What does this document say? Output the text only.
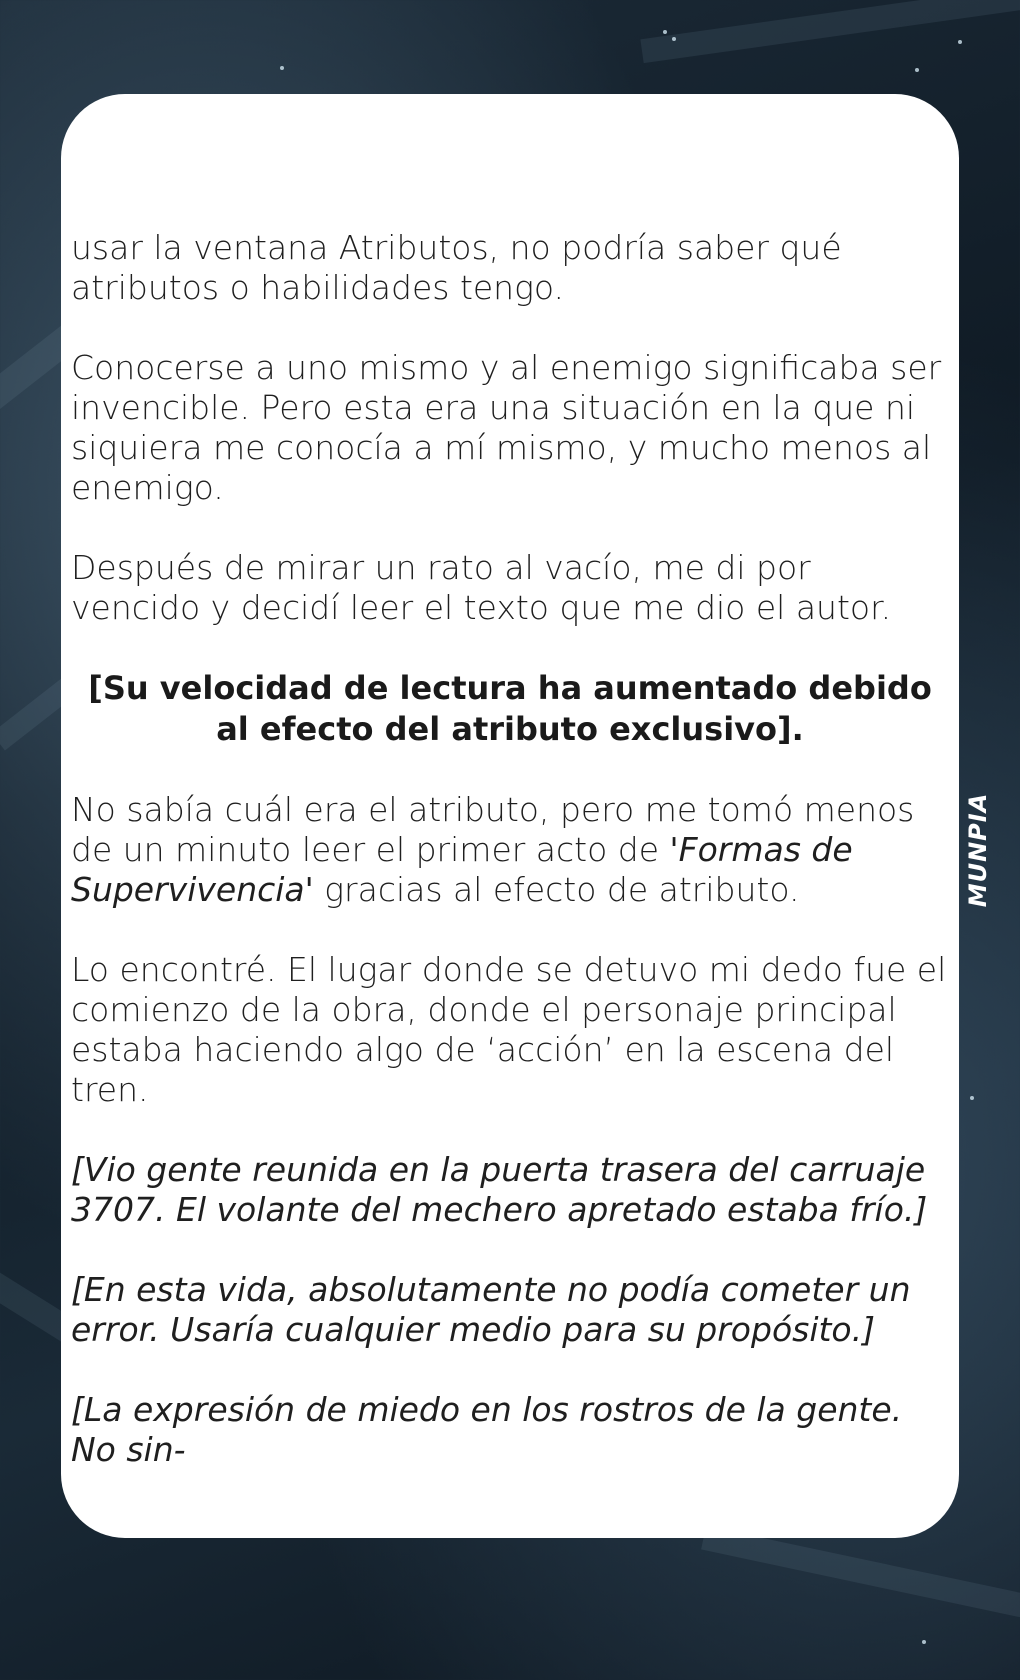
usar la ventana Atributos, no podría saber qué atributos o habilidades tengo.

Conocerse a uno mismo y al enemigo significaba ser invencible. Pero esta era una situación en la que ni siquiera me conocía a mí mismo, y mucho menos al enemigo.

Después de mirar un rato al vacío, me di por vencido y decidí leer el texto que me dio el autor.

[Su velocidad de lectura ha aumentado debido al efecto del atributo exclusivo].

No sabía cuál era el atributo, pero me tomó menos de un minuto leer el primer acto de 'Formas de Supervivencia' gracias al efecto de atributo.

Lo encontré. El lugar donde se detuvo mi dedo fue el comienzo de la obra, donde el personaje principal estaba haciendo algo de ‘acción’ en la escena del tren.

[Vio gente reunida en la puerta trasera del carruaje 3707. El volante del mechero apretado estaba frío.]

[En esta vida, absolutamente no podía cometer un error. Usaría cualquier medio para su propósito.]

[La expresión de miedo en los rostros de la gente. No sin-

MUNPIA
